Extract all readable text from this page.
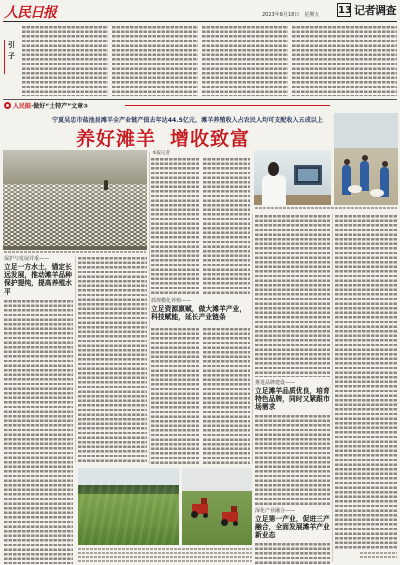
人民日报	2023年8月18日　星期五 13 记者调查
引
子
人民眼·做好“土特产”文章③
宁夏吴忠市盐池县滩羊全产业链产值去年达44.5亿元，滩羊养殖收入占农民人均可支配收入五成以上
养好滩羊 增收致富
本报记者
保护与发展并重——
立足一方水土，锚定长远发展，推动滩羊品种保护提纯，提高养殖水平
抓规模化养殖——
立足资源禀赋，做大滩羊产业，科技赋能，延长产业链条
推进品牌建设——
立足滩羊品质优良，培育特色品牌，同时又紧跟市场需求
深化产业融合——
立足第一产业，促进三产融合，全面发展滩羊产业新业态
